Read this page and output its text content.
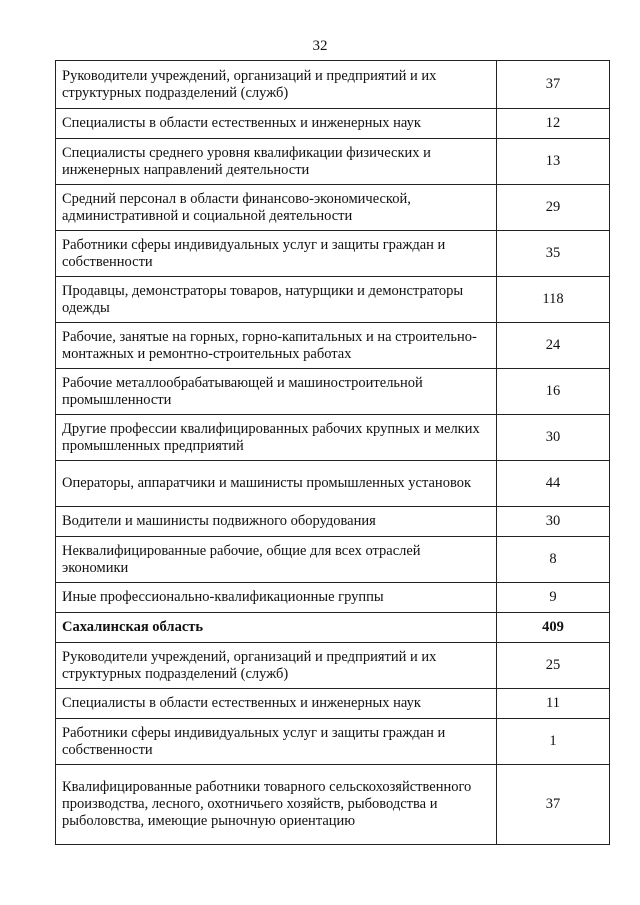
32
Руководители учреждений, организаций и предприятий и их структурных подразделений (служб)	37
Специалисты в области естественных и инженерных наук	12
Специалисты среднего уровня квалификации физических и инженерных направлений деятельности	13
Средний персонал в области финансово-экономической, административной и социальной деятельности	29
Работники сферы индивидуальных услуг и защиты граждан и собственности	35
Продавцы, демонстраторы товаров, натурщики и демонстраторы одежды	118
Рабочие, занятые на горных, горно-капитальных и на строительно-монтажных и ремонтно-строительных работах	24
Рабочие металлообрабатывающей и машиностроительной промышленности	16
Другие профессии квалифицированных рабочих крупных и мелких промышленных предприятий	30
Операторы, аппаратчики и машинисты промышленных установок	44
Водители и машинисты подвижного оборудования	30
Неквалифицированные рабочие, общие для всех отраслей экономики	8
Иные профессионально-квалификационные группы	9
Сахалинская область	409
Руководители учреждений, организаций и предприятий и их структурных подразделений (служб)	25
Специалисты в области естественных и инженерных наук	11
Работники сферы индивидуальных услуг и защиты граждан и собственности	1
Квалифицированные работники товарного сельскохозяйственного производства, лесного, охотничьего хозяйств, рыбоводства и рыболовства, имеющие рыночную ориентацию	37
